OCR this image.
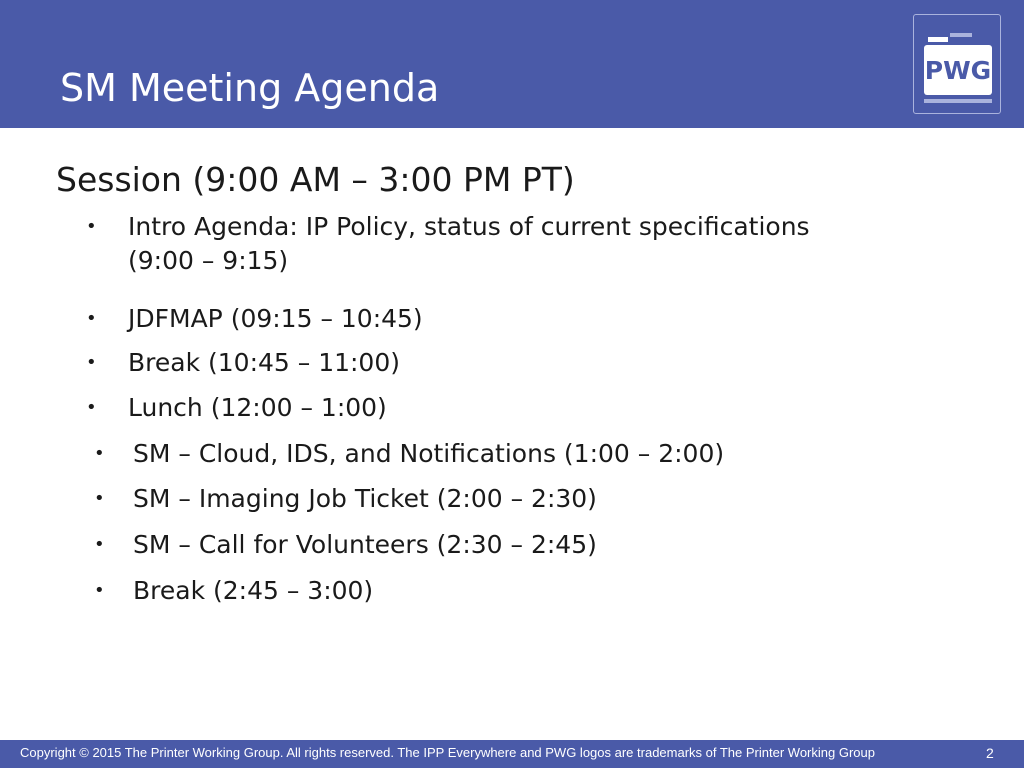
SM Meeting Agenda	PWG
Session (9:00 AM – 3:00 PM PT)
• Intro Agenda: IP Policy, status of current specifications
(9:00 – 9:15)
• JDFMAP (09:15 – 10:45)
• Break (10:45 – 11:00)
• Lunch (12:00 – 1:00)
• SM – Cloud, IDS, and Notifications (1:00 – 2:00)
• SM – Imaging Job Ticket (2:00 – 2:30)
• SM – Call for Volunteers (2:30 – 2:45)
• Break (2:45 – 3:00)
Copyright © 2015 The Printer Working Group. All rights reserved. The IPP Everywhere and PWG logos are trademarks of The Printer Working Group	2
